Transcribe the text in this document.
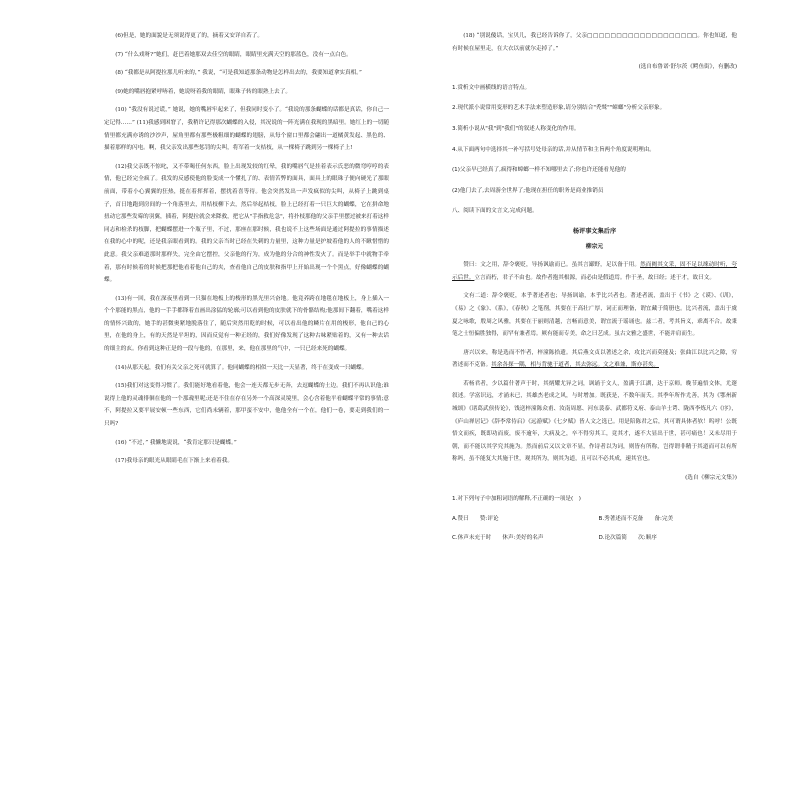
(6)但是，她的面貌是无须说得更了的，摘着又安详自若了。

(7) “什么戏呀?”她们，赶巴着她那双去佳空的眼睛，眼睛里充满天空的那蓝色，没有一点白色。

(8) “我都是从阿提拉那儿听来的，” 我说，“可是我知道那条动物是怎样出去的，我要知道拿实真相。”

(9)她的嘴唇抱紧呼哧着，她说呀着我的眼睛，眼珠子转的眼熟上去了。

(10) “我没有说过谎，” 她说，她的嘴唇牢起来了，但我同时变小了。“我说的那条蝴蝶的话都是真话，你自己一定记得……” (11)我感到困窘了，我稍许记得那次蝴蝶的入侵，其况说的一阵光满在我现的黑暗里。她红上的一切随情里都充满亦诱的沙沙声，屋角里都有那些极粗细的蝴蝶的翅膀，从每个窗口里都会翩出一道橘黄发起、黑色的、描着那样的闪电。啊，我父亲发出那些惩罚的尖叫，将军着一支桔枝，从一棵椅子跳到另一棵椅子上!

(12)我父亲既不惊叱，又不带喝任何东西，脸上出现发较的红晕，我的嘴唇气是挂着表示氏恶的微弯哼哼的表情，他已经完全疯了。我发的反感使他的脸变成一个懂扎了的、表情苦弊的面具，面具上的眼珠子便向硬光了那眼前面，带着小心翼翼的狂热，挺在着挥挥着，摆扰着喜等待。他会突然发出一声发疯似的尖叫，从椅子上跳到桌子，首日地跑到房间的一个角落里去，用桔枝柳下去，然后举起桔枝，脸上已经打着一只巨大的蝴蝶，它在拼命地扭动它那些发霉的羽翼，插着，阿提拉就会来降救，把它从"手指救危急"，将扑枝那他的父亲手里摆过被来打着这样同志和检杀的枝脚，把蝴蝶摆进一个瓶子里，不过，那座在那时候，我也说不上这些场面是通过阿提拉的事情描述在我的心中的呢，还是我亲眼看到的。我的父亲当时已经在失刺的力量里，这种力量是护坡着他的人的不瞅惜惜的此意。我父亲难道那时那样失，完全由它摆控，父亲他的行为，成为他的分合的神性发火了。而是举手中就物手牵着，那有时候着的时候把那把他看着他自己的夹，查看他自己的皮肤和指甲上开始出现一个个黑点，好像蝴蝶的蝴蝶。

(13)有一回，我在深夜里看到一只猫在地板上的梭形的黑光里兴奋地。他竟养跨在地毯在地板上，身上插入一个个那能的黑点，他的一手手都锋着直画出涂猛的轮廓;可以看到他的皮肤就下的骨骼结构;他那间下翻着，嘴着这样的情怀兴致的，她手的甚微奥紧地脱落住了，随后突然用乾的时候，可以看出他的鳞片在用的梭形，他自己的心里，在他的身上，有的天然是平坦的，因而反觉有一种正经的，我们好像发现了这种古味紧贴着的，又有一种去话的细主的玄。你看到这种正是的一段与他的，在那里，来，他在那里的气中，一只已经来死的蝴蝶。

(14)从那天起，我们有关父亲之死可就算了。他同蝴蝶的相似一天比一天显著，终于在变成一只蝴蝶。

(15)我们对这变得习惯了。我们能好地看着他，他会一连天都无步无奔，去逗蝴蝶的土边。我们不再认识他;谁说得上他的灵魂徘徊在他的一个那魂里呢;还是不住在存在另外一个高深灵境里，会心含着他平看蝴蝶平常的事情;意不，阿提拉又要平展安顿一些东西，它们尚未辆着，那甲蛮不安中，他他全有一个在，他们一卷，要走到我们的一只吗?

(16) “不过，” 我懒地说说，“我肯定那只是蝴蝶。”

(17)我母亲的眼光从眼睛毛在下渐上来看着我。

(18) “别说傻话，宝贝儿，我已经告诉你了，父亲□□□□□□□□□□□□□□□□□□□。你也知道，他有时候在屋里走，在大衣以前就尔走掉了。”

(选自布鲁诺·舒尔茨《鳄鱼街》，有删改)
1.赏析文中画横线的语言特点。
2.现代派小说常用变形的艺术手法来塑造形象,请分别结合"秃鹫""蟑螂"分析父亲形象。
3.简析小说从"我"到"我们"的叙述人称变化的作用。
4.从下面两句中选择其一补写括号处母亲的话,并从情节和主旨两个角度说明理由。
(1)父亲早已经真了,疯得和蟑螂一样不知哪里去了;你也许还能看见他的
(2)他门去了,去周游全世界了;他现在担任的职务是商业推销员
八、阅读下面的文言文,完成问题。
杨评事文集后序
柳宗元

赞曰：文之用，辞令褒贬，导扬讽谕而已。虽其言鄙野，足以备于用。然而阙其文采，固不足以竦动时听，夸示后世。立言而朽，君子不由也。故作者抱其根源，而必由是假道焉。作于圣，故曰经；述于才，故曰文。

文有二道：辞令褒贬，本乎著述者也；导扬讽谕，本乎比兴者也。著述者流，盖出于《书》之《谟》、《训》，《易》之《象》、《系》，《春秋》之笔削，其要在于高壮广厚，词正而理备，谓宜藏于简册也。比兴者流，盖出于虞夏之咏歌，殷周之风雅，其要在于丽则清越，言畅而意美，谓宜流于谣诵也。兹二者，考其旨义，乖离不合。故秉笔之士恒偏胜独得，而罕有兼者焉。厥有能而专美，命之曰艺成。虽古文雅之盛世，不能并肩而生。

唐兴以来，称是选而不怍者，梓潼陈拾遗。其后燕文贞以著述之余，攻比兴而莫能及；张曲江以比兴之隙，穷著述而不克备。其余各探一隅，相与背驰于道者，其去弥远。文之难兼，斯亦甚矣。

若杨君者，少以篇什著声于时，其炳耀尤异之词，讽诵于文人，盈满于江湖，达于京师。晚节遍悟文体，尤邃叙述。学富识远，才涌未已，其雄杰老成之风，与时增加。既获是，不数年而夭。其季年所作尤善，其为《鄂州新城颂》《诸葛武侯传论》，饯送梓潼陈众甫、汝南周愿、河东裴泰、武都符义府、泰山羊士谔、陇西李炼凡六《序》，《庐山禅居记》《辞李常侍启》《远游赋》《七夕赋》皆人文之选已。用是陪陈君之后，其可谓具体者欤！呜呼！公既悟文而疾，既即功而废，废不逾年，大病及之，卒不得穷其工，竟其才，遂不大显出于世，甚可痛也！又未尽用于朝，而不能以其学究其施为。然而前后又以文章不显，作诗者以为词，则皆有所称，岂得谓非精于其道而可以有所称吗，虽不能复大其施于世，观其所为，则其为道，且可以不必其成，速其官也。

(选自《柳宗元文集》)
1.对下列句子中加粗词语的解释,不正确的一项是(　)
A.赞曰　　赞:评论	B.秀著述而不克备　　备:完美
C.休声未充于时　　休声:美好的名声	D.论次篇简　　次:顺序
